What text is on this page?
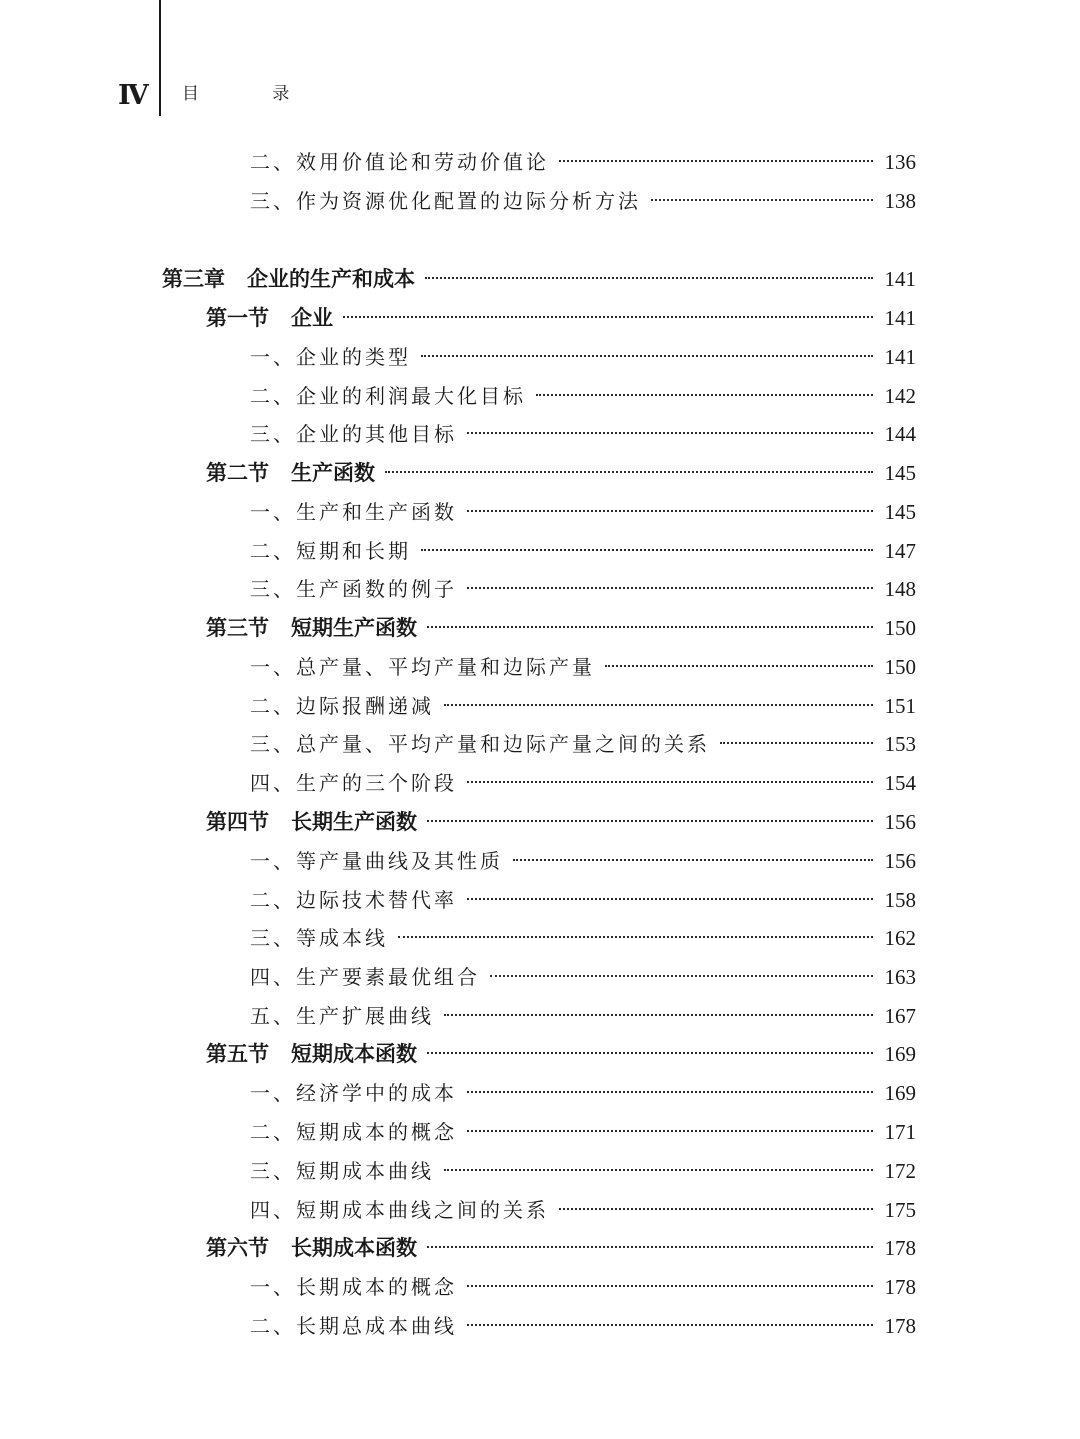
Ⅳ 目 录
二、效用价值论和劳动价值论	136
三、作为资源优化配置的边际分析方法	138
第三章 企业的生产和成本	141
第一节 企业	141
一、企业的类型	141
二、企业的利润最大化目标	142
三、企业的其他目标	144
第二节 生产函数	145
一、生产和生产函数	145
二、短期和长期	147
三、生产函数的例子	148
第三节 短期生产函数	150
一、总产量、平均产量和边际产量	150
二、边际报酬递减	151
三、总产量、平均产量和边际产量之间的关系	153
四、生产的三个阶段	154
第四节 长期生产函数	156
一、等产量曲线及其性质	156
二、边际技术替代率	158
三、等成本线	162
四、生产要素最优组合	163
五、生产扩展曲线	167
第五节 短期成本函数	169
一、经济学中的成本	169
二、短期成本的概念	171
三、短期成本曲线	172
四、短期成本曲线之间的关系	175
第六节 长期成本函数	178
一、长期成本的概念	178
二、长期总成本曲线	178
